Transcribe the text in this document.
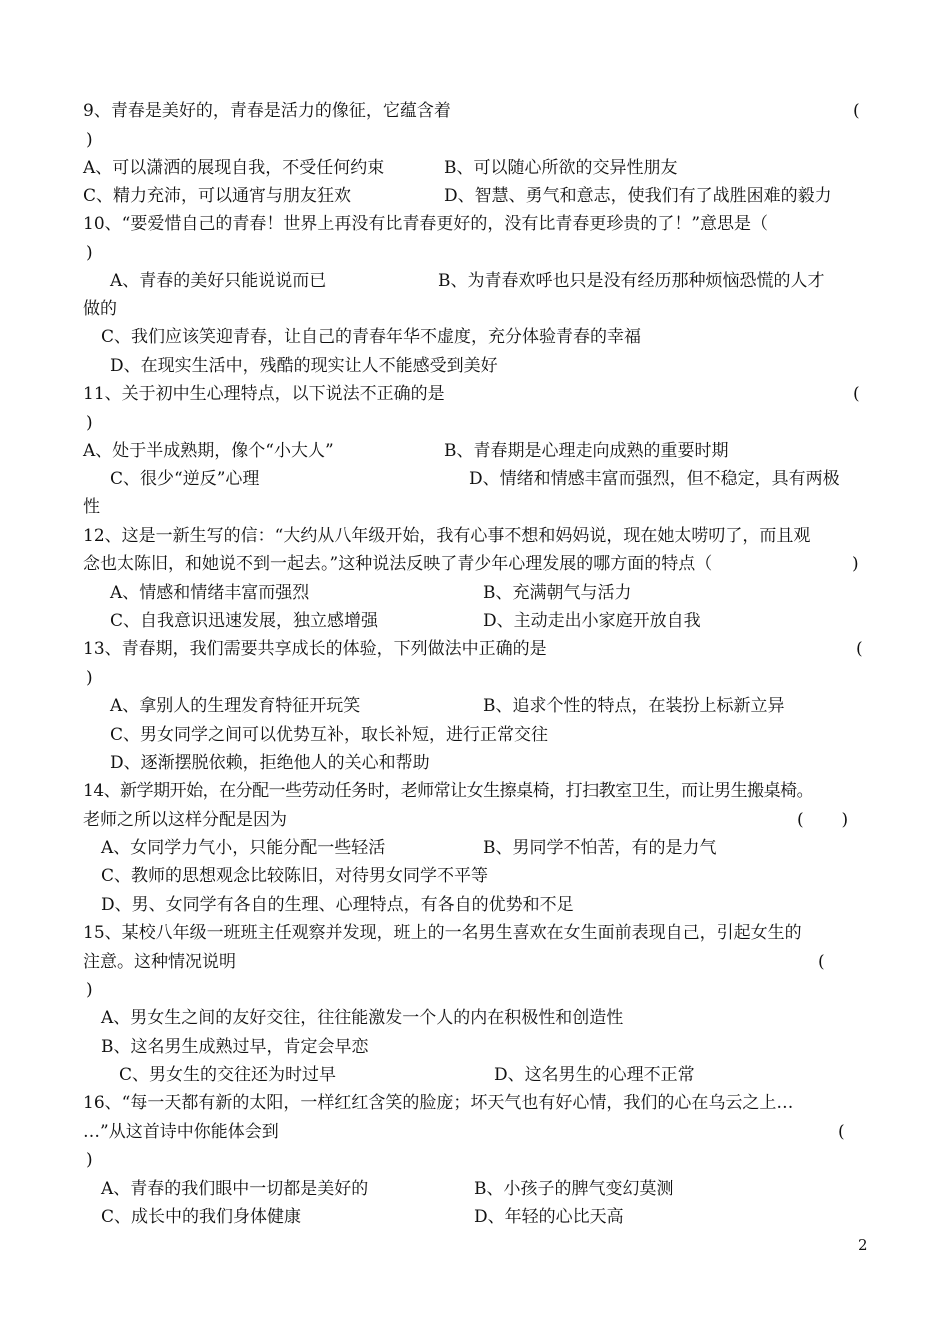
9、青春是美好的，青春是活力的像征，它蕴含着	(
)
A、可以潇洒的展现自我，不受任何约束	B、可以随心所欲的交异性朋友
C、精力充沛，可以通宵与朋友狂欢	D、智慧、勇气和意志，使我们有了战胜困难的毅力
10、“要爱惜自己的青春！世界上再没有比青春更好的，没有比青春更珍贵的了！”意思是（
)
A、青春的美好只能说说而已	B、为青春欢呼也只是没有经历那种烦恼恐慌的人才
做的
C、我们应该笑迎青春，让自己的青春年华不虚度，充分体验青春的幸福
D、在现实生活中，残酷的现实让人不能感受到美好
11、关于初中生心理特点，以下说法不正确的是	(
)
A、处于半成熟期，像个“小大人”	B、青春期是心理走向成熟的重要时期
C、很少“逆反”心理	D、情绪和情感丰富而强烈，但不稳定，具有两极
性
12、这是一新生写的信：“大约从八年级开始，我有心事不想和妈妈说，现在她太唠叨了，而且观
念也太陈旧，和她说不到一起去。”这种说法反映了青少年心理发展的哪方面的特点（	)
A、情感和情绪丰富而强烈	B、充满朝气与活力
C、自我意识迅速发展，独立感增强	D、主动走出小家庭开放自我
13、青春期，我们需要共享成长的体验，下列做法中正确的是	(
)
A、拿别人的生理发育特征开玩笑	B、追求个性的特点，在装扮上标新立异
C、男女同学之间可以优势互补，取长补短，进行正常交往
D、逐渐摆脱依赖，拒绝他人的关心和帮助
14、新学期开始，在分配一些劳动任务时，老师常让女生擦桌椅，打扫教室卫生，而让男生搬桌椅。
老师之所以这样分配是因为	(       )
A、女同学力气小，只能分配一些轻活	B、男同学不怕苦，有的是力气
C、教师的思想观念比较陈旧，对待男女同学不平等
D、男、女同学有各自的生理、心理特点，有各自的优势和不足
15、某校八年级一班班主任观察并发现，班上的一名男生喜欢在女生面前表现自己，引起女生的
注意。这种情况说明	(
)
A、男女生之间的友好交往，往往能激发一个人的内在积极性和创造性
B、这名男生成熟过早，肯定会早恋
C、男女生的交往还为时过早	D、这名男生的心理不正常
16、“每一天都有新的太阳，一样红红含笑的脸庞；坏天气也有好心情，我们的心在乌云之上…
…”从这首诗中你能体会到	(
)
A、青春的我们眼中一切都是美好的	B、小孩子的脾气变幻莫测
C、成长中的我们身体健康	D、年轻的心比天高
2
